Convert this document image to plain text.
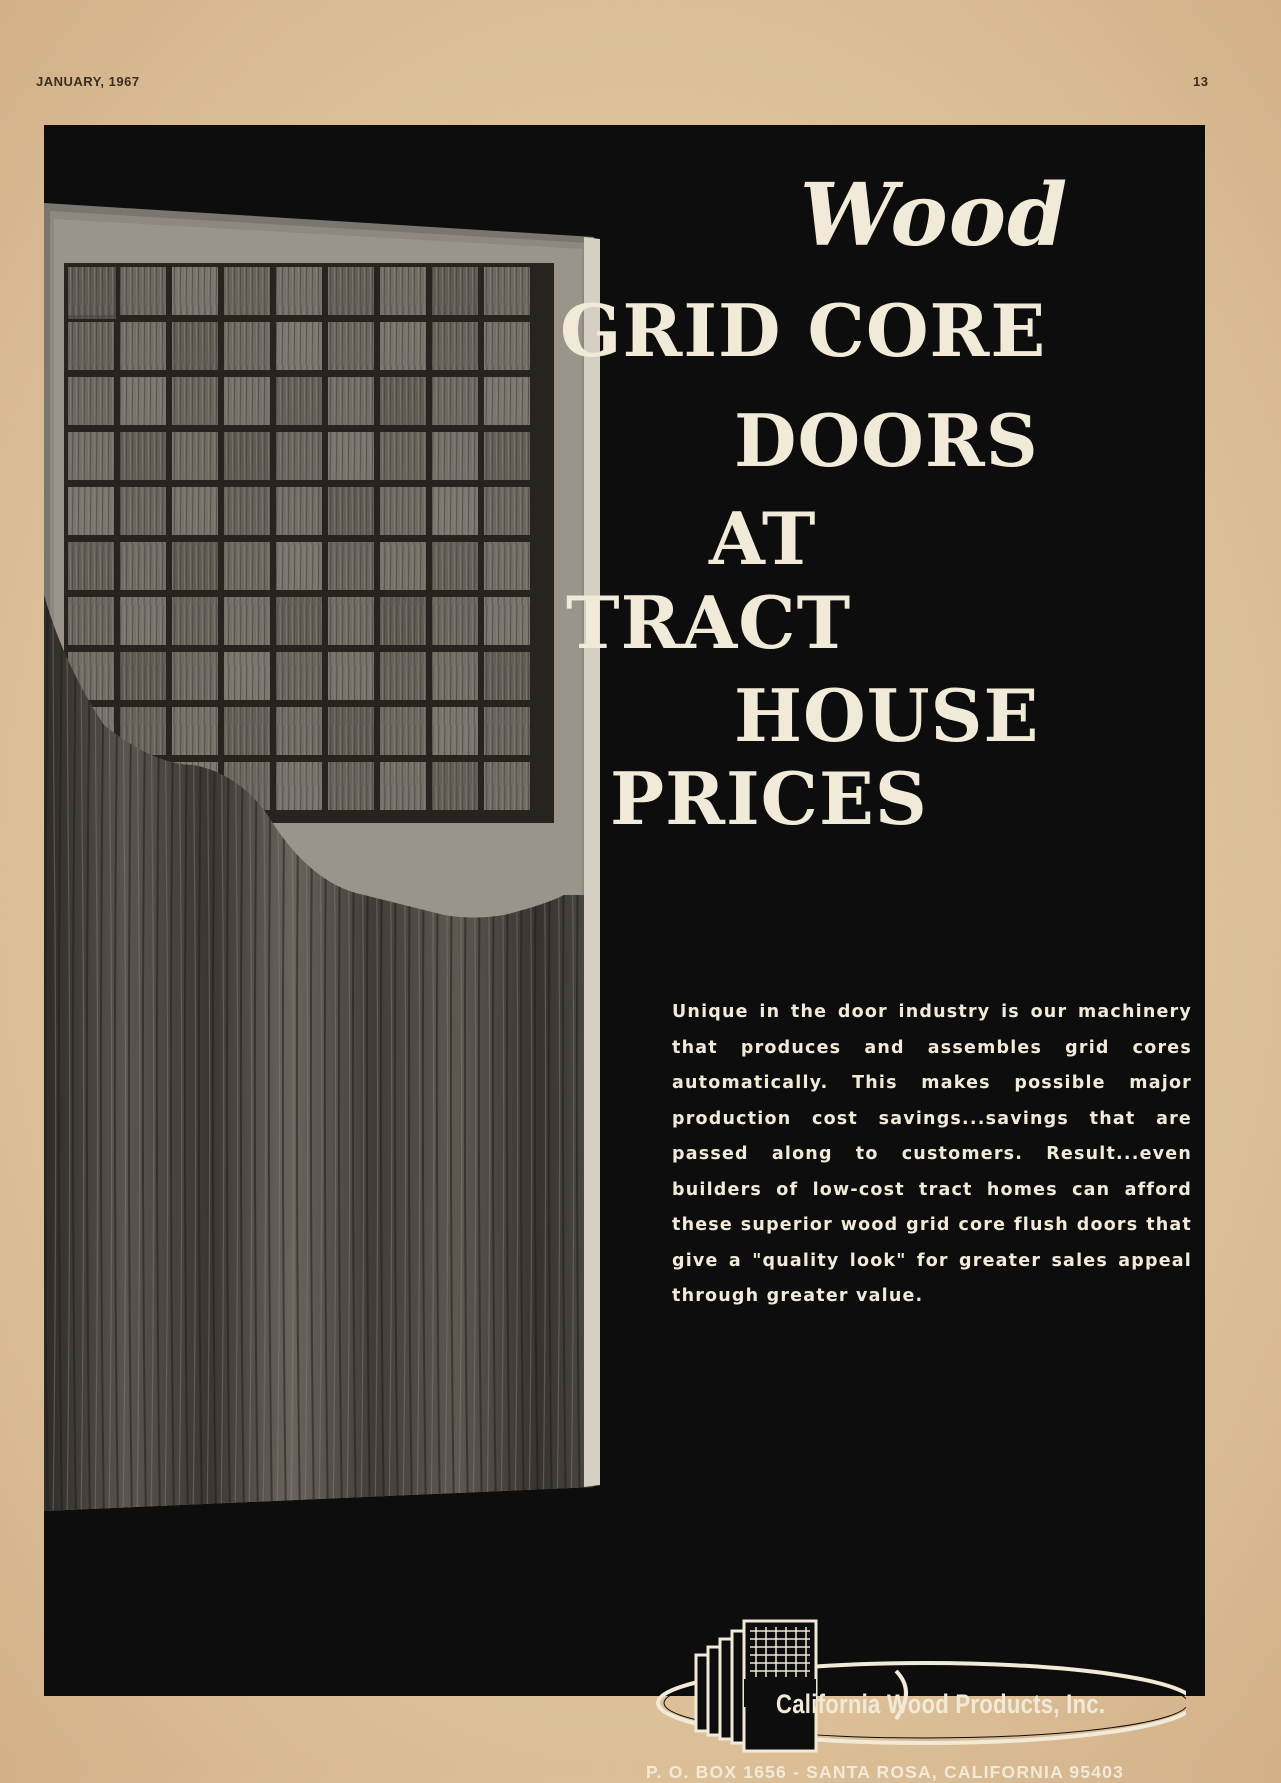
JANUARY, 1967	13
Wood
GRID CORE
DOORS
AT
TRACT
HOUSE
PRICES
Unique in the door industry is our machinery that produces and assembles grid cores automatically. This makes possible major production cost savings...savings that are passed along to customers. Result...even builders of low-cost tract homes can afford these superior wood grid core flush doors that give a "quality look" for greater sales appeal through greater value.
California Wood Products, Inc.
P. O. BOX 1656 - SANTA ROSA, CALIFORNIA 95403
